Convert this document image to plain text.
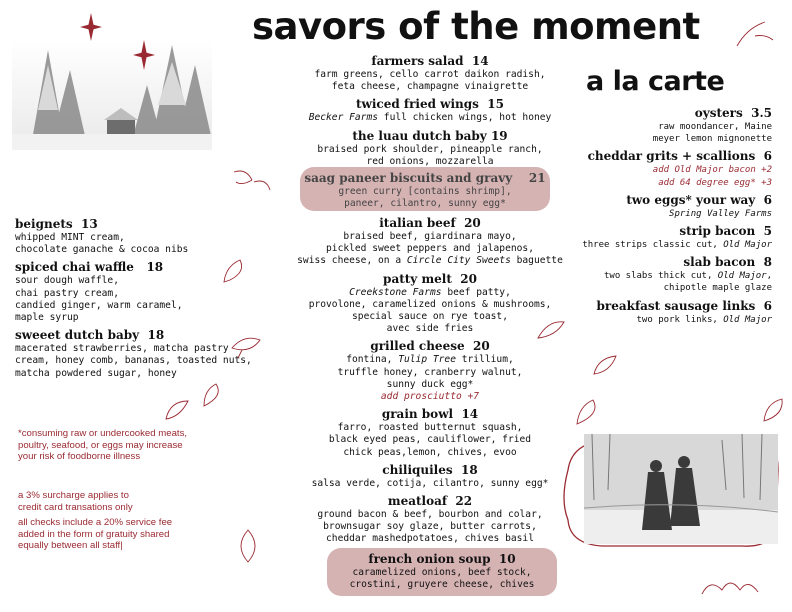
savors of the moment
a la carte
farmers salad 14
farm greens, cello carrot daikon radish,
feta cheese, champagne vinaigrette
twiced fried wings 15
Becker Farms full chicken wings, hot honey
the luau dutch baby 19
braised pork shoulder, pineapple ranch,
red onions, mozzarella
saag paneer biscuits and gravy 21
green curry [contains shrimp],
paneer, cilantro, sunny egg*
italian beef 20
braised beef, giardinara mayo,
pickled sweet peppers and jalapenos,
swiss cheese, on a Circle City Sweets baguette
patty melt 20
Creekstone Farms beef patty,
provolone, caramelized onions & mushrooms,
special sauce on rye toast,
avec side fries
grilled cheese 20
fontina, Tulip Tree trillium,
truffle honey, cranberry walnut,
sunny duck egg*
add prosciutto +7
grain bowl 14
farro, roasted butternut squash,
black eyed peas, cauliflower, fried
chick peas,lemon, chives, evoo
chiliquiles 18
salsa verde, cotija, cilantro, sunny egg*
meatloaf 22
ground bacon & beef, bourbon and colar,
brownsugar soy glaze, butter carrots,
cheddar mashedpotatoes, chives basil
french onion soup 10
caramelized onions, beef stock,
crostini, gruyere cheese, chives
beignets 13
whipped MINT cream,
chocolate ganache & cocoa nibs
spiced chai waffle 18
sour dough waffle,
chai pastry cream,
candied ginger, warm caramel,
maple syrup
sweeet dutch baby 18
macerated strawberries, matcha pastry
cream, honey comb, bananas, toasted nuts,
matcha powdered sugar, honey
*consuming raw or undercooked meats,
poultry, seafood, or eggs may increase
your risk of foodborne illness
a 3% surcharge applies to
credit card transations only
all checks include a 20% service fee
added in the form of gratuity shared
equally between all staff|
oysters 3.5
raw moondancer, Maine
meyer lemon mignonette
cheddar grits + scallions 6
add Old Major bacon +2
add 64 degree egg* +3
two eggs* your way 6
Spring Valley Farms
strip bacon 5
three strips classic cut, Old Major
slab bacon 8
two slabs thick cut, Old Major,
chipotle maple glaze
breakfast sausage links 6
two pork links, Old Major
